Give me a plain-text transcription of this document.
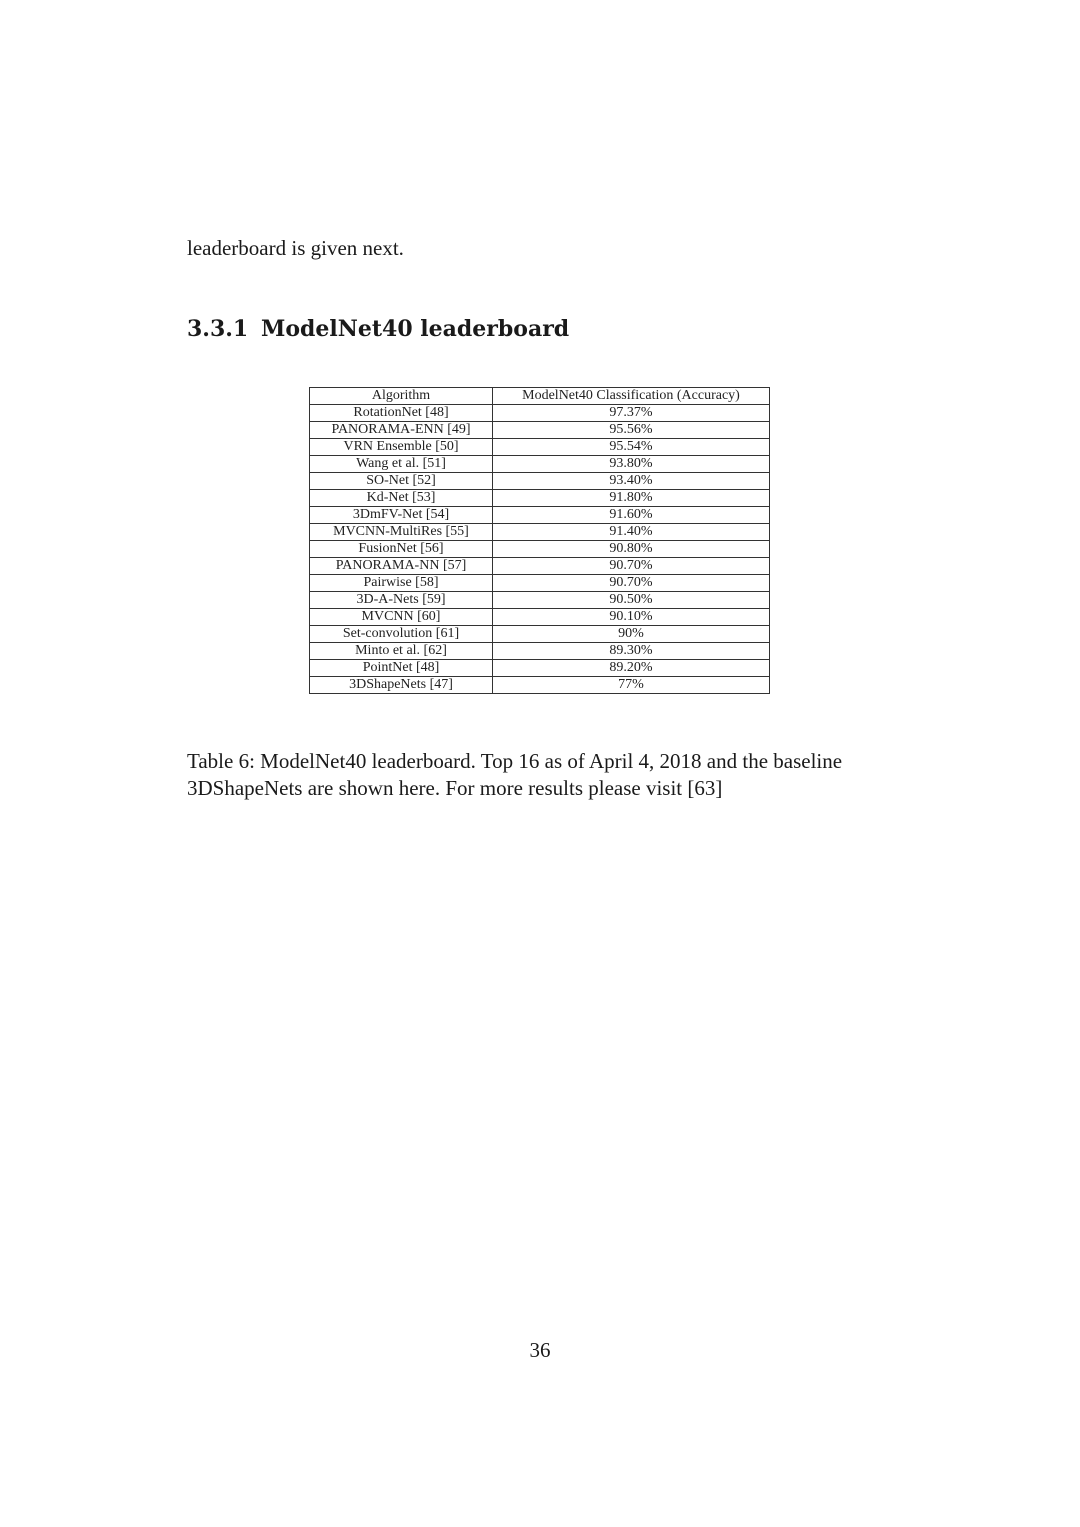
leaderboard is given next.

3.3.1 ModelNet40 leaderboard
Algorithm	ModelNet40 Classification (Accuracy)
RotationNet [48]	97.37%
PANORAMA-ENN [49]	95.56%
VRN Ensemble [50]	95.54%
Wang et al. [51]	93.80%
SO-Net [52]	93.40%
Kd-Net [53]	91.80%
3DmFV-Net [54]	91.60%
MVCNN-MultiRes [55]	91.40%
FusionNet [56]	90.80%
PANORAMA-NN [57]	90.70%
Pairwise [58]	90.70%
3D-A-Nets [59]	90.50%
MVCNN [60]	90.10%
Set-convolution [61]	90%
Minto et al. [62]	89.30%
PointNet [48]	89.20%
3DShapeNets [47]	77%

Table 6: ModelNet40 leaderboard. Top 16 as of April 4, 2018 and the baseline 3DShapeNets are shown here. For more results please visit [63]

36
